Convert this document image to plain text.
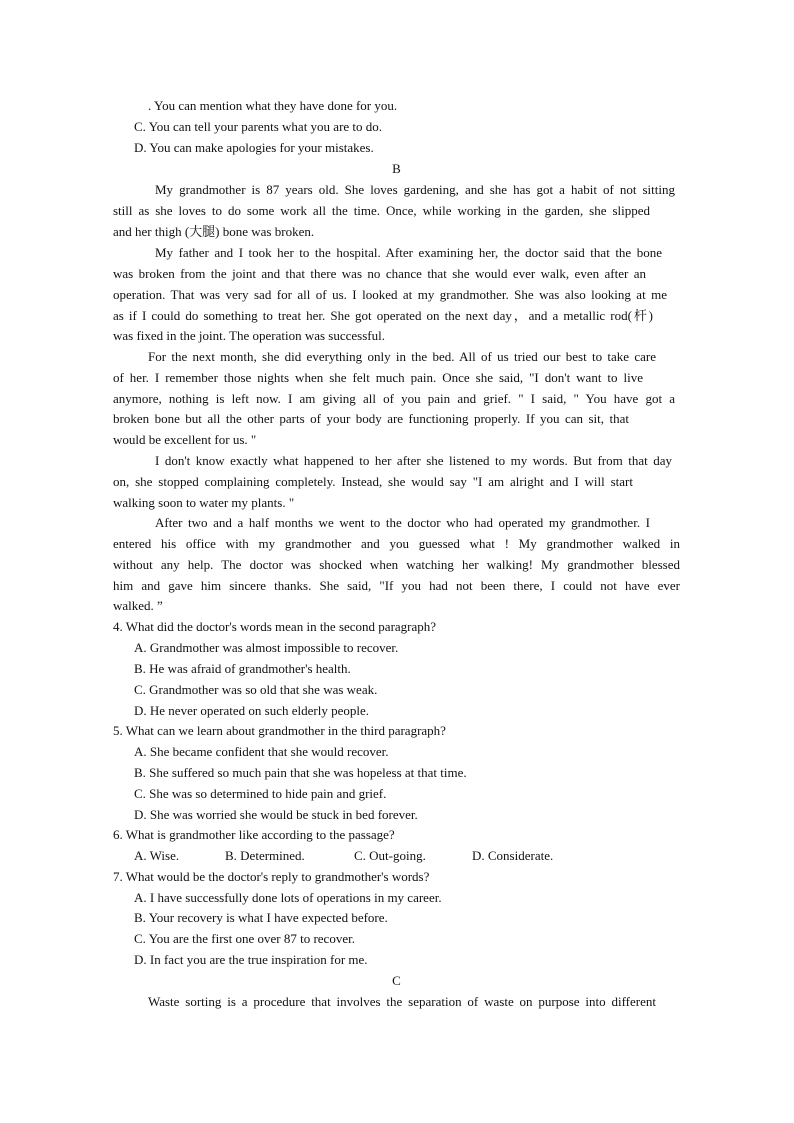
. You can mention what they have done for you.
C. You can tell your parents what you are to do.
D. You can make apologies for your mistakes.
B
My grandmother is 87 years old. She loves gardening, and she has got a habit of not sitting
still as she loves to do some work all the time. Once, while working in the garden, she slipped
and her thigh (大腿) bone was broken.
My father and I took her to the hospital. After examining her, the doctor said that the bone
was broken from the joint and that there was no chance that she would ever walk, even after an
operation. That was very sad for all of us. I looked at my grandmother. She was also looking at me
as if I could do something to treat her. She got operated on the next day，and a metallic rod(杆)
was fixed in the joint. The operation was successful.
For the next month, she did everything only in the bed. All of us tried our best to take care
of her. I remember those nights when she felt much pain. Once she said, "I don't want to live
anymore, nothing is left now. I am giving all of you pain and grief. " I said, " You have got a
broken bone but all the other parts of your body are functioning properly. If you can sit, that
would be excellent for us. "
I don't know exactly what happened to her after she listened to my words. But from that day
on, she stopped complaining completely. Instead, she would say "I am alright and I will start
walking soon to water my plants. "
After two and a half months we went to the doctor who had operated my grandmother. I
entered his office with my grandmother and you guessed what ! My grandmother walked in
without any help. The doctor was shocked when watching her walking! My grandmother blessed
him and gave him sincere thanks. She said, "If you had not been there, I could not have ever
walked. ”
4. What did the doctor's words mean in the second paragraph?
A. Grandmother was almost impossible to recover.
B. He was afraid of grandmother's health.
C. Grandmother was so old that she was weak.
D. He never operated on such elderly people.
5. What can we learn about grandmother in the third paragraph?
A. She became confident that she would recover.
B. She suffered so much pain that she was hopeless at that time.
C. She was so determined to hide pain and grief.
D. She was worried she would be stuck in bed forever.
6. What is grandmother like according to the passage?
A. Wise.	B. Determined.	C. Out-going.	D. Considerate.
7. What would be the doctor's reply to grandmother's words?
A. I have successfully done lots of operations in my career.
B. Your recovery is what I have expected before.
C. You are the first one over 87 to recover.
D. In fact you are the true inspiration for me.
C
Waste sorting is a procedure that involves the separation of waste on purpose into different
